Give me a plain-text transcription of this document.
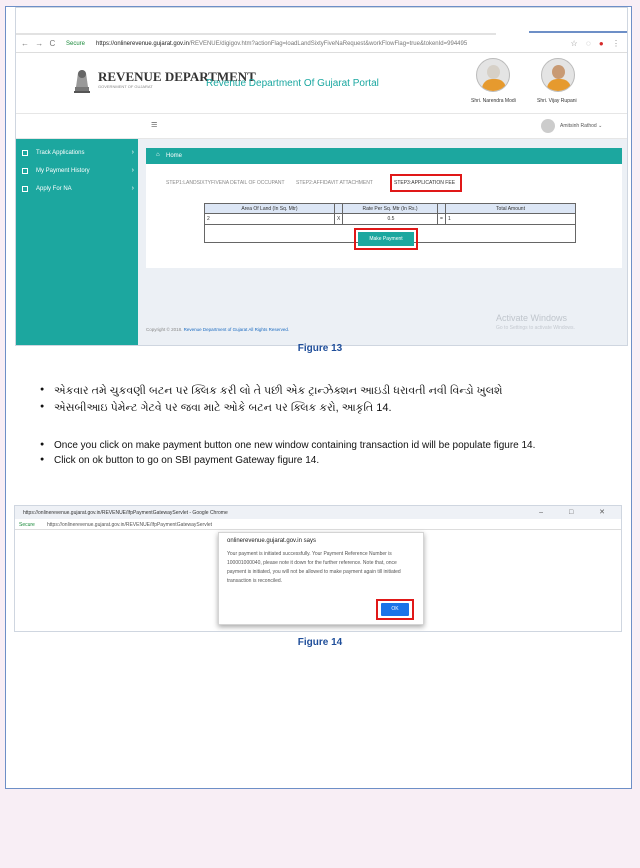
← → C Secure https://onlinerevenue.gujarat.gov.in/REVENUE/digigov.htm?actionFlag=loadLandSixtyFiveNaRequest&workFlowFlag=true&tokenId=994495	☆ ◌ ● ⋮
REVENUE DEPARTMENT
GOVERNMENT OF GUJARAT	Revenue Department Of Gujarat Portal
Shri. Narendra Modi	Shri. Vijay Rupani
≡	Amitsinh Rathod ⌄
Track Applications	›
My Payment History	›
Apply For NA	›
⌂ Home
STEP1:LANDSIXTYFIVENA DETAIL OF OCCUPANT STEP2:AFFIDAVIT ATTACHMENT	STEP3:APPLICATION FEE
Area Of Land (In Sq. Mtr)		Rate Per Sq. Mtr (In Rs.)		Total Amount
2	X	0.5	=	1

Make Payment
Activate Windows
Go to Settings to activate Windows.
Copyright © 2018. Revenue Department of Gujarat All Rights Reserved.
Figure 13
● એકવાર તમે ચુકવણી બટન પર ક્લિક કરી લો તે પછી એક ટ્રાન્ઝેક્શન આઇડી ધરાવતી નવી વિન્ડો ખુલશે
● એસબીઆઇ પેમેન્ટ ગેટવે પર જવા માટે ઓકે બટન પર ક્લિક કરો, આકૃતિ 14.
● Once you click on make payment button one new window containing transaction id will be populate figure 14.
● Click on ok button to go on SBI payment Gateway figure 14.
https://onlinerevenue.gujarat.gov.in/REVENUE/IfpPaymentGatewayServlet - Google Chrome	– □ ✕
Secure https://onlinerevenue.gujarat.gov.in/REVENUE/IfpPaymentGatewayServlet
onlinerevenue.gujarat.gov.in says
Your payment is initiated successfully. Your Payment Reference Number is 100001000040, please note it down for the further reference. Note that, once payment is initiated, you will not be allowed to make payment again till initiated transaction is reconciled.
OK
Figure 14
